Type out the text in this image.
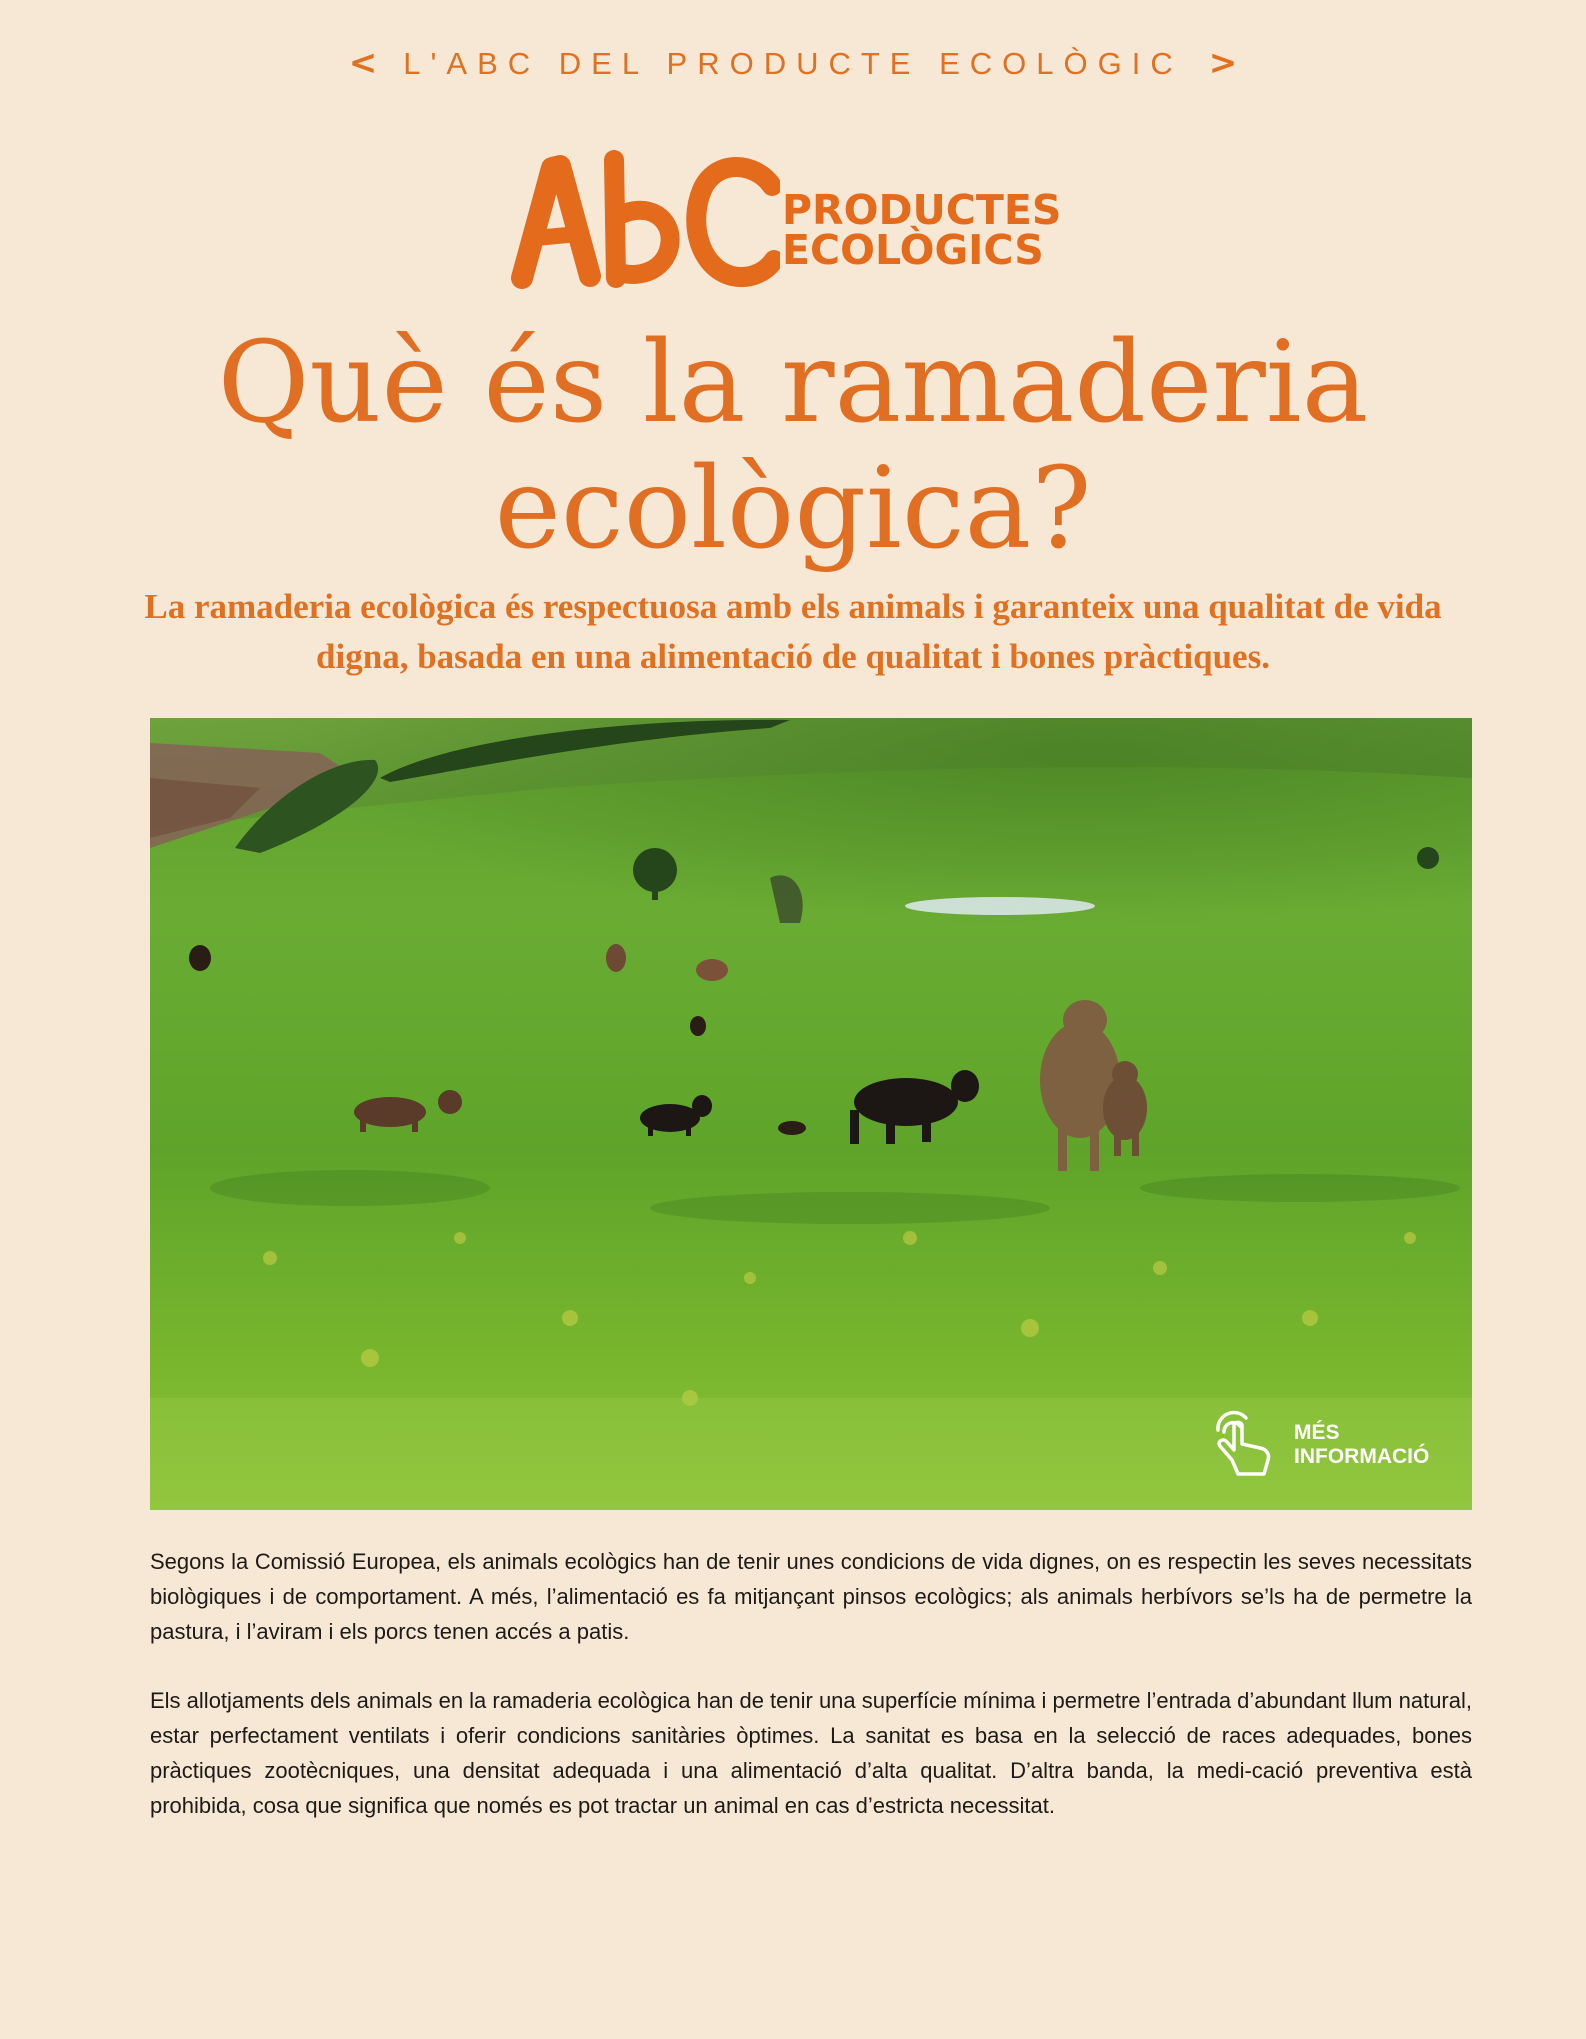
< L'ABC DEL PRODUCTE ECOLÒGIC >
PRODUCTES
ECOLÒGICS
Què és la ramaderia
ecològica?

La ramaderia ecològica és respectuosa amb els animals i garanteix una qualitat de vida digna, basada en una alimentació de qualitat i bones pràctiques.

MÉS
INFORMACIÓ

Segons la Comissió Europea, els animals ecològics han de tenir unes condicions de vida dignes, on es respectin les seves necessitats biològiques i de comportament. A més, l’alimentació es fa mitjançant pinsos ecològics; als animals herbívors se’ls ha de permetre la pastura, i l’aviram i els porcs tenen accés a patis.

Els allotjaments dels animals en la ramaderia ecològica han de tenir una superfície mínima i permetre l’entrada d’abundant llum natural, estar perfectament ventilats i oferir condicions sanitàries òptimes. La sanitat es basa en la selecció de races adequades, bones pràctiques zootècniques, una densitat adequada i una alimentació d’alta qualitat. D’altra banda, la medi-cació preventiva està prohibida, cosa que significa que només es pot tractar un animal en cas d’estricta necessitat.
